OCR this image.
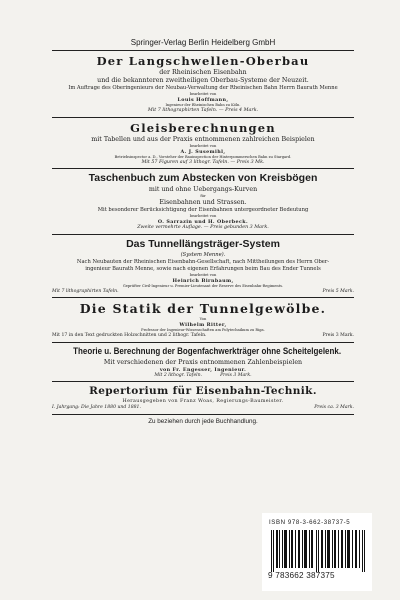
Springer-Verlag Berlin Heidelberg GmbH
Der Langschwellen-Oberbau
der Rheinischen Eisenbahn
und die bekannteren zweitheiligen Oberbau-Systeme der Neuzeit.
Im Auftrage des Oberingenieurs der Neubau-Verwaltung der Rheinischen Bahn Herrn Baurath Menne
bearbeitet von
Louis Hoffmann,
Ingenieur der Rheinischen Bahn zu Köln.
Mit 7 lithographirten Tafeln. — Preis 4 Mark.
Gleisberechnungen
mit Tabellen und aus der Praxis entnommenen zahlreichen Beispielen
bearbeitet von
A. J. Susemihl,
Betriebsinspector a. D., Vorsteher der Bauinspection der Hinterpommerschen Bahn zu Stargard.
Mit 57 Figuren auf 3 lithogr. Tafeln. — Preis 3 Mk.
Taschenbuch zum Abstecken von Kreisbögen
mit und ohne Uebergangs-Kurven
für
Eisenbahnen und Strassen.
Mit besonderer Berücksichtigung der Eisenbahnen untergeordneter Bedeutung
bearbeitet von
O. Sarrazin und H. Oberbeck.
Zweite vermehrte Auflage. — Preis gebunden 3 Mark.
Das Tunnellängsträger-System
(System Menne).
Nach Neubauten der Rheinischen Eisenbahn-Gesellschaft, nach Mittheilungen des Herrn Ober-
ingenieur Baurath Menne, sowie nach eigenen Erfahrungen beim Bau des Ender Tunnels
bearbeitet von
Heinrich Birnbaum,
Geprüfter Civil-Ingenieur u. Premier-Lieutenant der Reserve des Eisenbahn-Regiments.
Mit 7 lithographirten Tafeln.	Preis 5 Mark.
Die Statik der Tunnelgewölbe.
Von
Wilhelm Ritter,
Professor der Ingenieur-Wissenschaften am Polytechnikum zu Riga.
Mit 17 in den Text gedruckten Holzschnitten und 2 lithogr. Tafeln.	Preis 3 Mark.
Theorie u. Berechnung der Bogenfachwerkträger ohne Scheitelgelenk.
Mit verschiedenen der Praxis entnommenen Zahlenbeispielen
von Fr. Engesser, Ingenieur.
Mit 2 lithogr. Tafeln.	Preis 3 Mark.
Repertorium für Eisenbahn-Technik.
Herausgegeben von Franz Woas, Regierungs-Baumeister.
I. Jahrgang: Die Jahre 1880 und 1881.	Preis ca. 3 Mark.
Zu beziehen durch jede Buchhandlung.
ISBN 978-3-662-38737-5
9 783662 387375
